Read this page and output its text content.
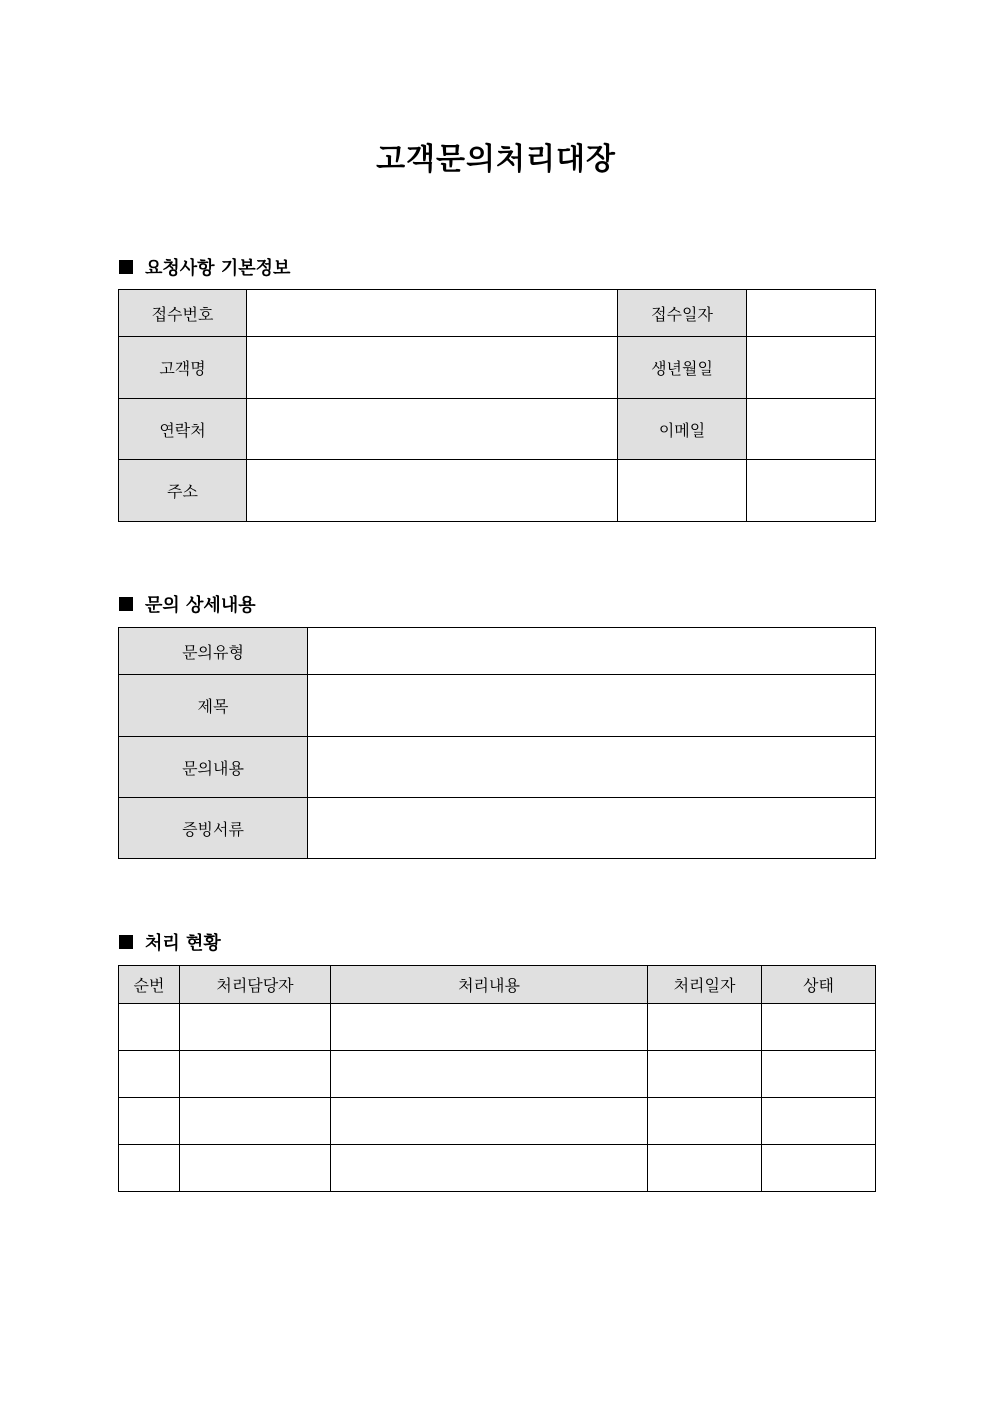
고객문의처리대장
요청사항 기본정보
접수번호		접수일자	
고객명		생년월일	
연락처		이메일	
주소			
문의 상세내용
문의유형	
제목	
문의내용	
증빙서류	
처리 현황
순번	처리담당자	처리내용	처리일자	상태
